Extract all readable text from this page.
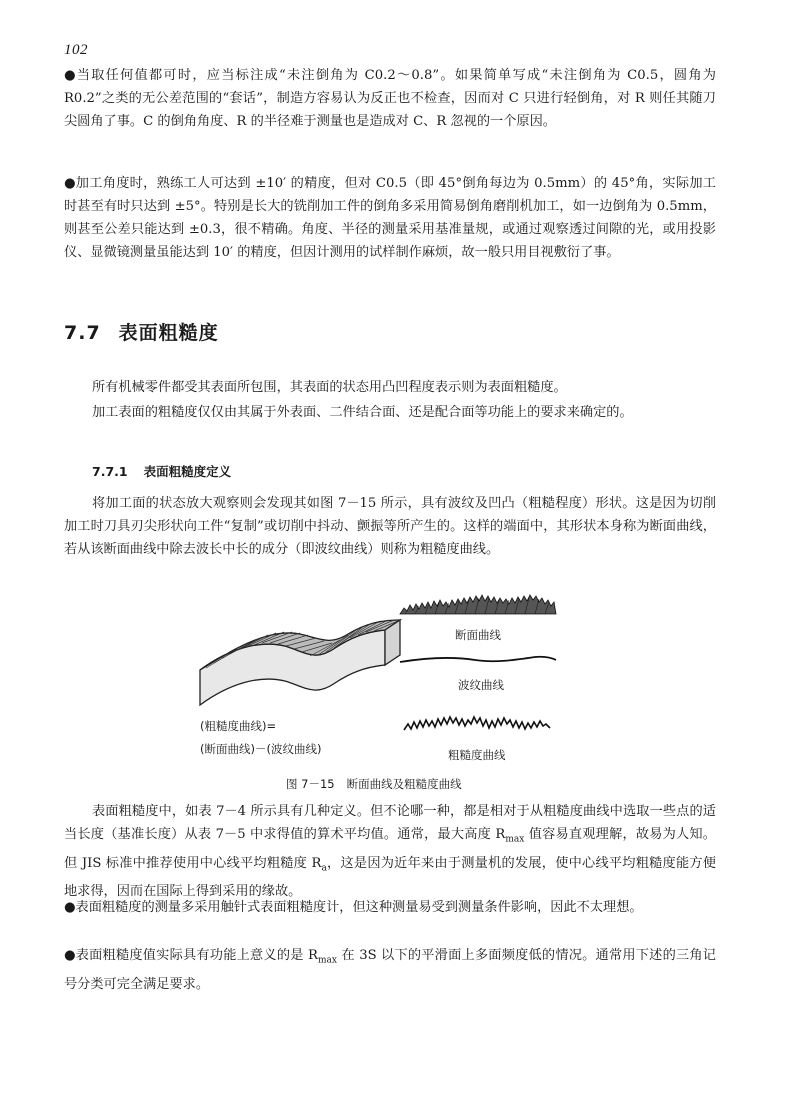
102

●当取任何值都可时，应当标注成“未注倒角为 C0.2～0.8”。如果简单写成“未注倒角为 C0.5，圆角为 R0.2”之类的无公差范围的“套话”，制造方容易认为反正也不检查，因而对 C 只进行轻倒角，对 R 则任其随刀尖圆角了事。C 的倒角角度、R 的半径难于测量也是造成对 C、R 忽视的一个原因。

●加工角度时，熟练工人可达到 ±10′ 的精度，但对 C0.5（即 45°倒角每边为 0.5mm）的 45°角，实际加工时甚至有时只达到 ±5°。特别是长大的铣削加工件的倒角多采用简易倒角磨削机加工，如一边倒角为 0.5mm，则甚至公差只能达到 ±0.3，很不精确。角度、半径的测量采用基准量规，或通过观察透过间隙的光，或用投影仪、显微镜测量虽能达到 10′ 的精度，但因计测用的试样制作麻烦，故一般只用目视敷衍了事。

7.7 表面粗糙度

所有机械零件都受其表面所包围，其表面的状态用凸凹程度表示则为表面粗糙度。

加工表面的粗糙度仅仅由其属于外表面、二件结合面、还是配合面等功能上的要求来确定的。

7.7.1 表面粗糙度定义

将加工面的状态放大观察则会发现其如图 7－15 所示，具有波纹及凹凸（粗糙程度）形状。这是因为切削加工时刀具刃尖形状向工件“复制”或切削中抖动、颤振等所产生的。这样的端面中，其形状本身称为断面曲线，若从该断面曲线中除去波长中长的成分（即波纹曲线）则称为粗糙度曲线。

断面曲线
波纹曲线
粗糙度曲线
(粗糙度曲线)=
(断面曲线)－(波纹曲线)
图 7－15 断面曲线及粗糙度曲线

表面粗糙度中，如表 7－4 所示具有几种定义。但不论哪一种，都是相对于从粗糙度曲线中选取一些点的适当长度（基准长度）从表 7－5 中求得值的算术平均值。通常，最大高度 $R_{max}$ 值容易直观理解，故易为人知。但 JIS 标准中推荐使用中心线平均粗糙度 $R_a$，这是因为近年来由于测量机的发展，使中心线平均粗糙度能方便地求得，因而在国际上得到采用的缘故。

●表面粗糙度的测量多采用触针式表面粗糙度计，但这种测量易受到测量条件影响，因此不太理想。

●表面粗糙度值实际具有功能上意义的是 $R_{max}$ 在 3S 以下的平滑面上多面频度低的情况。通常用下述的三角记号分类可完全满足要求。
